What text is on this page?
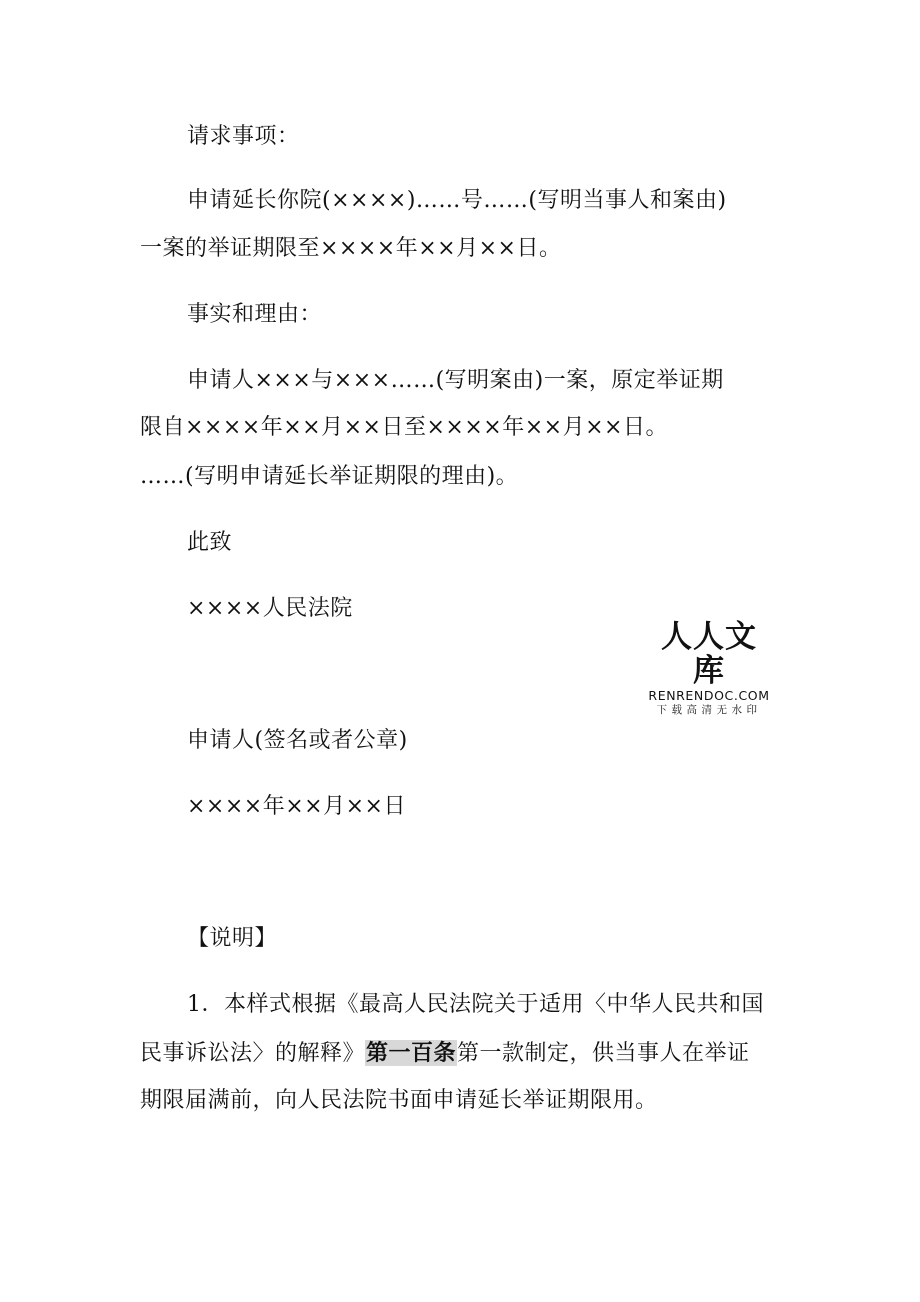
请求事项：
申请延长你院(××××)……号……(写明当事人和案由)
一案的举证期限至××××年××月××日。
事实和理由：
申请人×××与×××……(写明案由)一案，原定举证期
限自××××年××月××日至××××年××月××日。
……(写明申请延长举证期限的理由)。
此致
××××人民法院
申请人(签名或者公章)
××××年××月××日
【说明】
1．本样式根据《最高人民法院关于适用〈中华人民共和国
民事诉讼法〉的解释》第一百条第一款制定，供当事人在举证
期限届满前，向人民法院书面申请延长举证期限用。
人人文库
RENRENDOC.COM
下载高清无水印
